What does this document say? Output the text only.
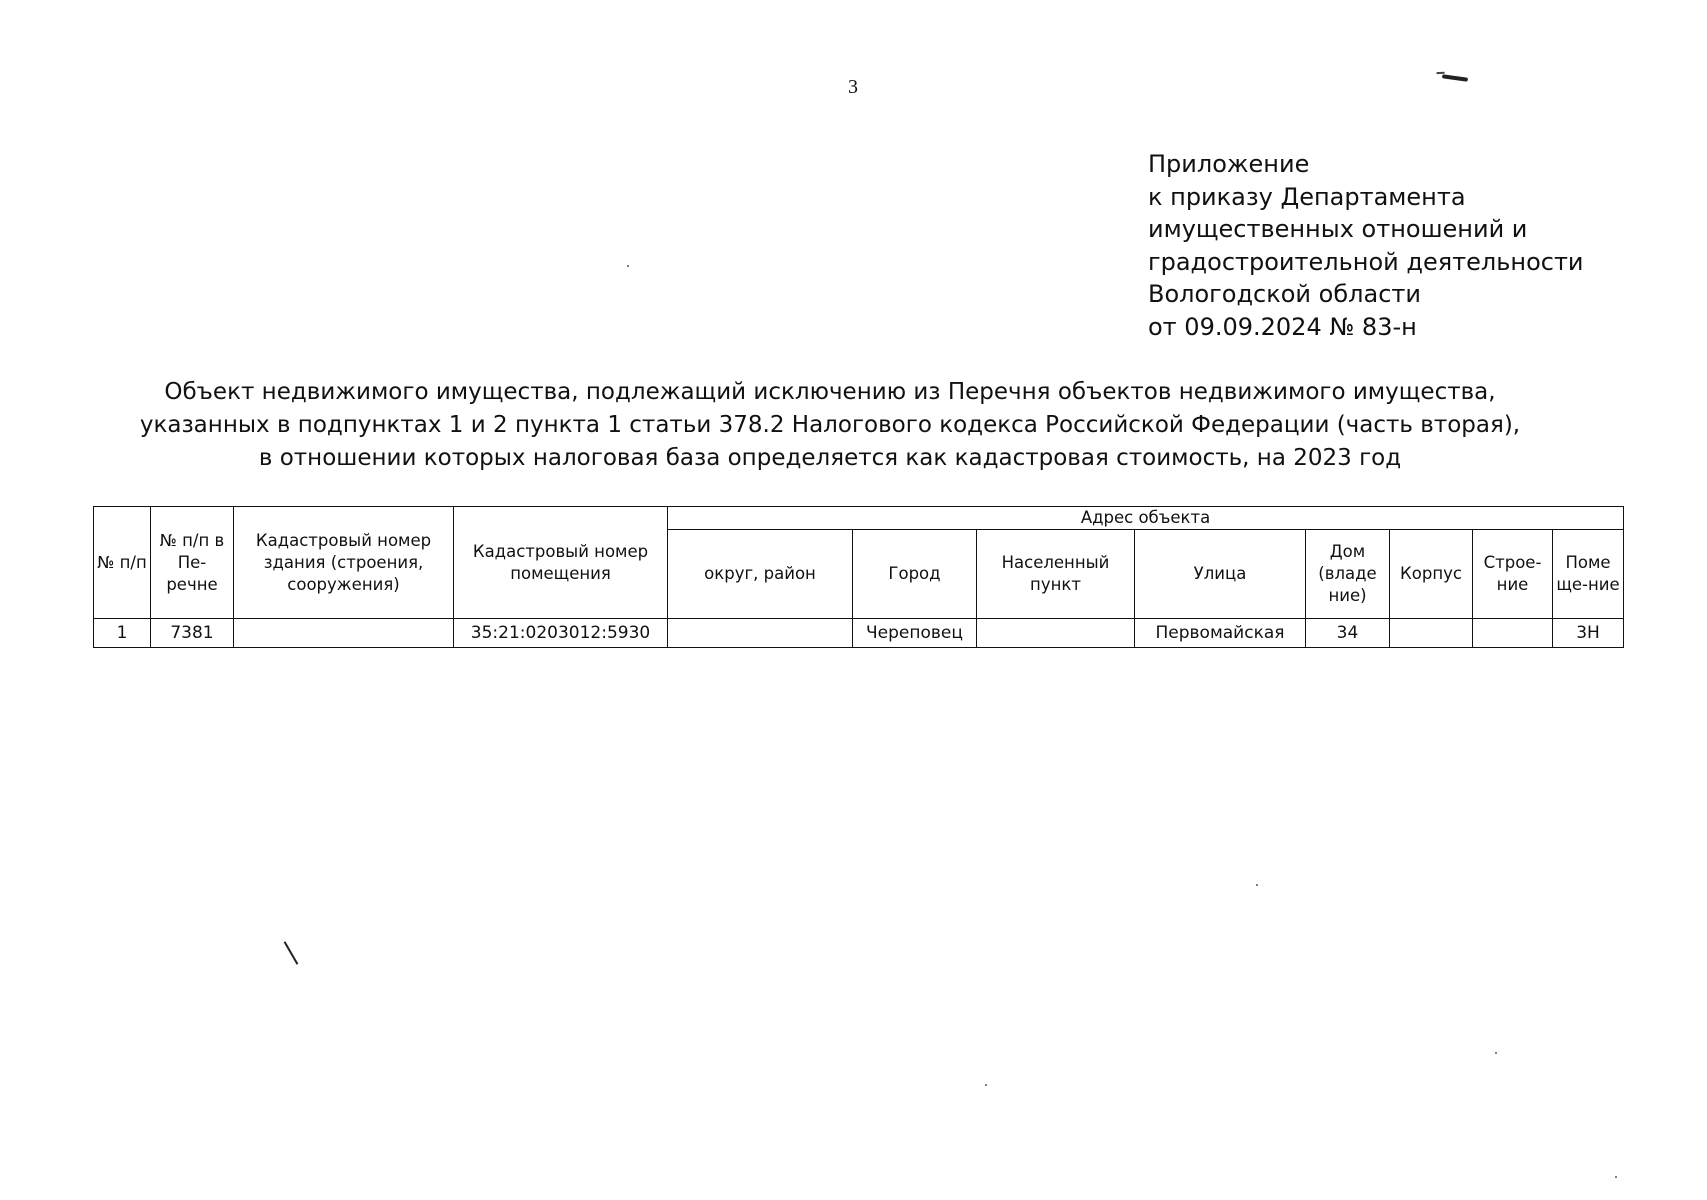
3
Приложение
к приказу Департамента
имущественных отношений и
градостроительной деятельности
Вологодской области
от 09.09.2024 № 83-н
Объект недвижимого имущества, подлежащий исключению из Перечня объектов недвижимого имущества,
указанных в подпунктах 1 и 2 пункта 1 статьи 378.2 Налогового кодекса Российской Федерации (часть вторая),
в отношении которых налоговая база определяется как кадастровая стоимость, на 2023 год
№ п/п	№ п/п в Пе-речне	Кадастровый номер здания (строения, сооружения)	Кадастровый номер помещения	Адрес объекта							
				округ, район	Город	Населенный пункт	Улица	Дом (владе ние)	Корпус	Строе-ние	Поме ще-ние
1	7381		35:21:0203012:5930		Череповец		Первомайская	34			3Н
